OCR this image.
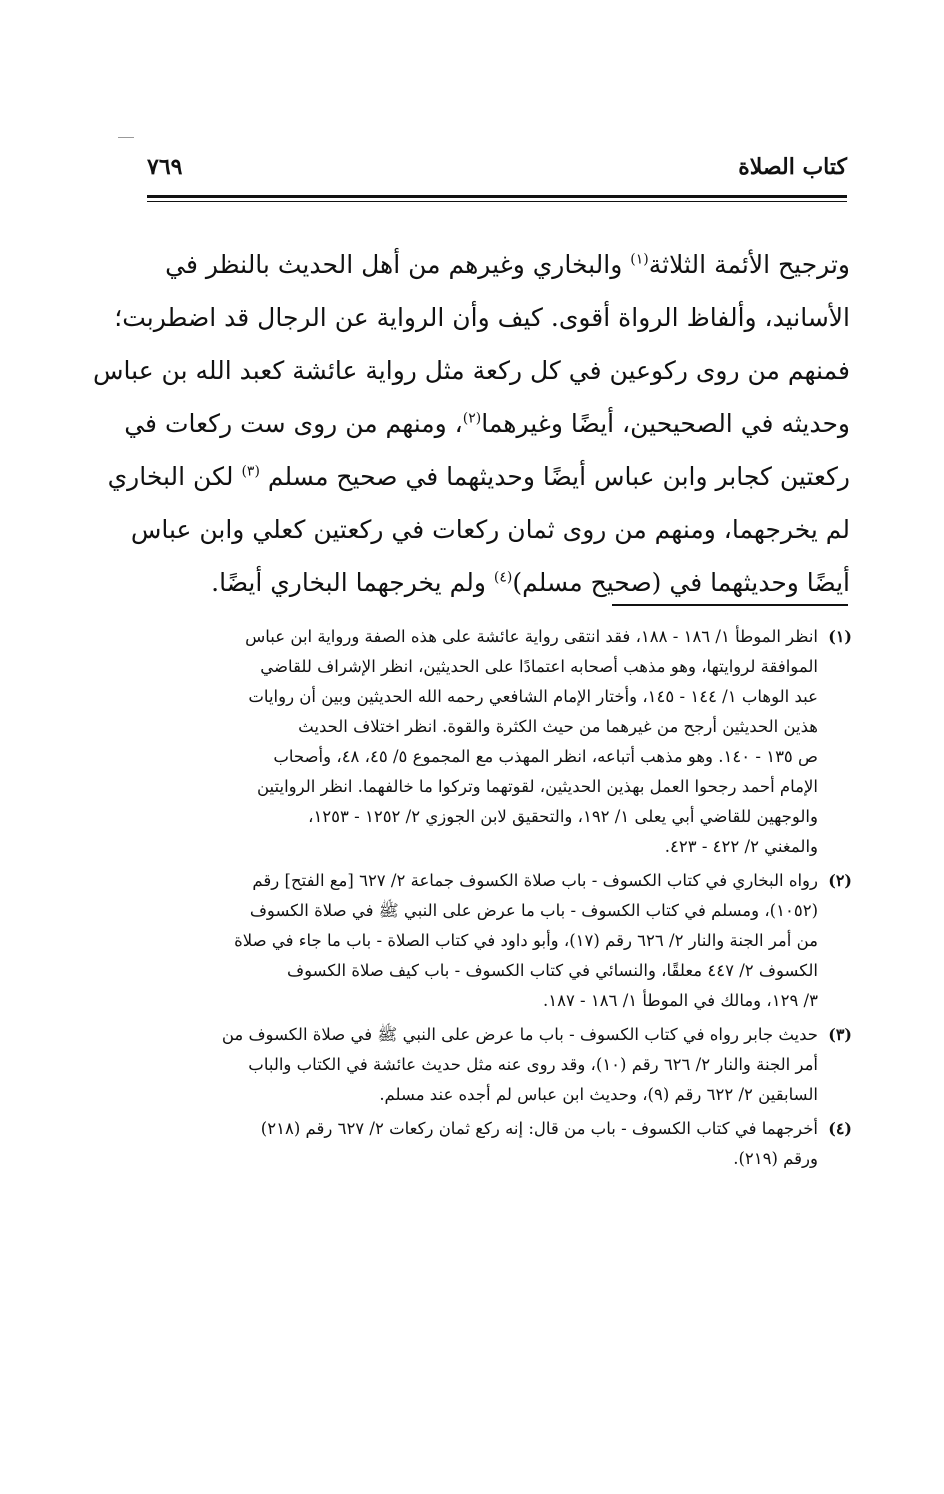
كتاب الصلاة
٧٦٩
وترجيح الأئمة الثلاثة$^{(١)}$ والبخاري وغيرهم من أهل الحديث بالنظر في
الأسانيد، وألفاظ الرواة أقوى. كيف وأن الرواية عن الرجال قد اضطربت؛
فمنهم من روى ركوعين في كل ركعة مثل رواية عائشة كعبد الله بن عباس
وحديثه في الصحيحين، أيضًا وغيرهما$^{(٢)}$، ومنهم من روى ست ركعات في
ركعتين كجابر وابن عباس أيضًا وحديثهما في صحيح مسلم $^{(٣)}$ لكن البخاري
لم يخرجهما، ومنهم من روى ثمان ركعات في ركعتين كعلي وابن عباس
أيضًا وحديثهما في (صحيح مسلم)$^{(٤)}$ ولم يخرجهما البخاري أيضًا.
(١)
انظر الموطأ ١/ ١٨٦ - ١٨٨، فقد انتقى رواية عائشة على هذه الصفة ورواية ابن عباس
الموافقة لروايتها، وهو مذهب أصحابه اعتمادًا على الحديثين، انظر الإشراف للقاضي
عبد الوهاب ١/ ١٤٤ - ١٤٥، وأختار الإمام الشافعي رحمه الله الحديثين وبين أن روايات
هذين الحديثين أرجح من غيرهما من حيث الكثرة والقوة. انظر اختلاف الحديث
ص ١٣٥ - ١٤٠. وهو مذهب أتباعه، انظر المهذب مع المجموع ٥/ ٤٥، ٤٨، وأصحاب
الإمام أحمد رجحوا العمل بهذين الحديثين، لقوتهما وتركوا ما خالفهما. انظر الروايتين
والوجهين للقاضي أبي يعلى ١/ ١٩٢، والتحقيق لابن الجوزي ٢/ ١٢٥٢ - ١٢٥٣،
والمغني ٢/ ٤٢٢ - ٤٢٣.
(٢)
رواه البخاري في كتاب الكسوف - باب صلاة الكسوف جماعة ٢/ ٦٢٧ [مع الفتح] رقم
(١٠٥٢)، ومسلم في كتاب الكسوف - باب ما عرض على النبي ﷺ في صلاة الكسوف
من أمر الجنة والنار ٢/ ٦٢٦ رقم (١٧)، وأبو داود في كتاب الصلاة - باب ما جاء في صلاة
الكسوف ٢/ ٤٤٧ معلقًا، والنسائي في كتاب الكسوف - باب كيف صلاة الكسوف
٣/ ١٢٩، ومالك في الموطأ ١/ ١٨٦ - ١٨٧.
(٣)
حديث جابر رواه في كتاب الكسوف - باب ما عرض على النبي ﷺ في صلاة الكسوف من
أمر الجنة والنار ٢/ ٦٢٦ رقم (١٠)، وقد روى عنه مثل حديث عائشة في الكتاب والباب
السابقين ٢/ ٦٢٢ رقم (٩)، وحديث ابن عباس لم أجده عند مسلم.
(٤)
أخرجهما في كتاب الكسوف - باب من قال: إنه ركع ثمان ركعات ٢/ ٦٢٧ رقم (٢١٨)
ورقم (٢١٩).
